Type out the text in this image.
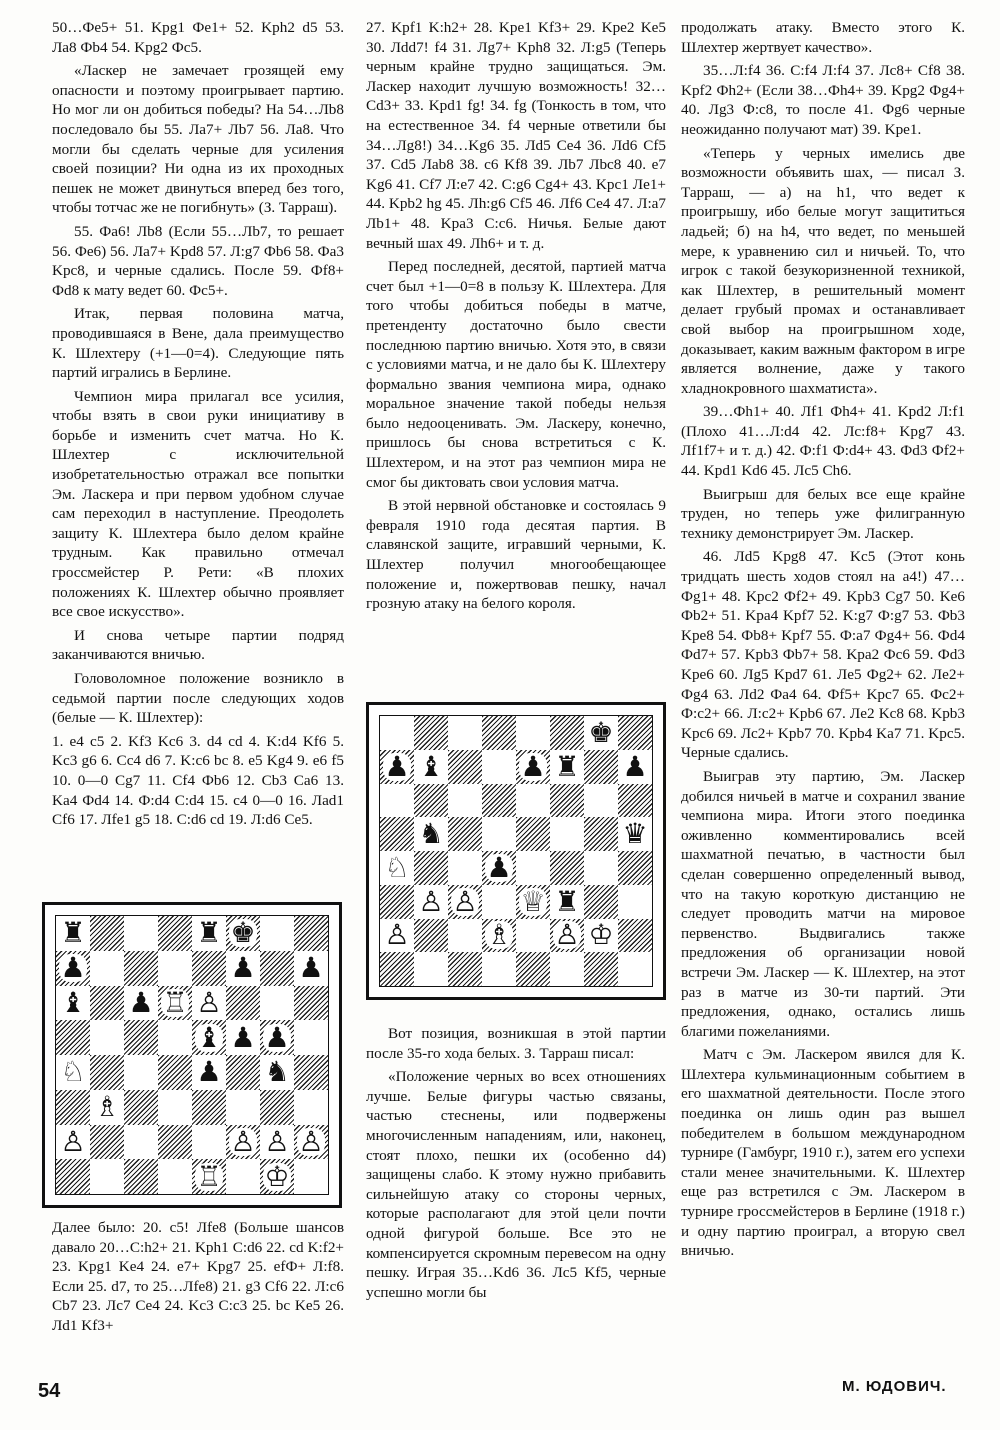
50…Фe5+ 51. Kpg1 Фe1+ 52. Kph2 d5 53. Лa8 Фb4 54. Kpg2 Фc5.

«Ласкер не замечает грозящей ему опасности и поэтому проигрывает партию. Но мог ли он добиться победы? На 54…Лb8 последовало бы 55. Лa7+ Лb7 56. Лa8. Что могли бы сделать черные для усиления своей позиции? Ни одна из их проходных пешек не может двинуться вперед без того, чтобы тотчас же не погибнуть» (З. Тарраш).

55. Фa6! Лb8 (Если 55…Лb7, то решает 56. Фe6) 56. Лa7+ Kpd8 57. Л:g7 Фb6 58. Фa3 Kpc8, и черные сдались. После 59. Фf8+ Фd8 к мату ведет 60. Фc5+.

Итак, первая половина матча, проводившаяся в Вене, дала преимущество К. Шлехтеру (+1—0=4). Следующие пять партий игрались в Берлине.

Чемпион мира прилагал все усилия, чтобы взять в свои руки инициативу в борьбе и изменить счет матча. Но К. Шлехтер с исключительной изобретательностью отражал все попытки Эм. Ласкера и при первом удобном случае сам переходил в наступление. Преодолеть защиту К. Шлехтера было делом крайне трудным. Как правильно отмечал гроссмейстер Р. Рети: «В плохих положениях К. Шлехтер обычно проявляет все свое искусство».

И снова четыре партии подряд заканчиваются вничью.

Головоломное положение возникло в седьмой партии после следующих ходов (белые — К. Шлехтер):

1. e4 c5 2. Kf3 Kc6 3. d4 cd 4. K:d4 Kf6 5. Kc3 g6 6. Cc4 d6 7. K:c6 bc 8. e5 Kg4 9. e6 f5 10. 0—0 Cg7 11. Cf4 Фb6 12. Cb3 Ca6 13. Ka4 Фd4 14. Ф:d4 C:d4 15. c4 0—0 16. Лad1 Cf6 17. Лfe1 g5 18. C:d6 cd 19. Л:d6 Ce5.

♜	♜ ♚
♟	♟ ♟
♝ ♟ ♖ ♙
♝ ♟ ♟
♘	♟ ♞
♗
♙	♙ ♙ ♙
♖ ♔

Далее было: 20. c5! Лfe8 (Больше шансов давало 20…C:h2+ 21. Kph1 C:d6 22. cd K:f2+ 23. Kpg1 Ke4 24. e7+ Kpg7 25. efФ+ Л:f8. Если 25. d7, то 25…Лfe8) 21. g3 Cf6 22. Л:c6 Cb7 23. Лc7 Ce4 24. Kc3 C:c3 25. bc Ke5 26. Лd1 Kf3+

27. Kpf1 K:h2+ 28. Kpe1 Kf3+ 29. Kpe2 Ke5 30. Лdd7! f4 31. Лg7+ Kph8 32. Л:g5 (Теперь черным крайне трудно защищаться. Эм. Ласкер находит лучшую возможность! 32…Cd3+ 33. Kpd1 fg! 34. fg (Тонкость в том, что на естественное 34. f4 черные ответили бы 34…Лg8!) 34…Kg6 35. Лd5 Ce4 36. Лd6 Cf5 37. Cd5 Лab8 38. c6 Kf8 39. Лb7 Лbc8 40. e7 Kg6 41. Cf7 Л:e7 42. C:g6 Cg4+ 43. Kpc1 Лe1+ 44. Kpb2 hg 45. Лh:g6 Cf5 46. Лf6 Ce4 47. Л:a7 Лb1+ 48. Kpa3 C:c6. Ничья. Белые дают вечный шах 49. Лh6+ и т. д.

Перед последней, десятой, партией матча счет был +1—0=8 в пользу К. Шлехтера. Для того чтобы добиться победы в матче, претенденту достаточно было свести последнюю партию вничью. Хотя это, в связи с условиями матча, и не дало бы К. Шлехтеру формально звания чемпиона мира, однако моральное значение такой победы нельзя было недооценивать. Эм. Ласкеру, конечно, пришлось бы снова встретиться с К. Шлехтером, и на этот раз чемпион мира не смог бы диктовать свои условия матча.

В этой нервной обстановке и состоялась 9 февраля 1910 года десятая партия. В славянской защите, игравший черными, К. Шлехтер получил многообещающее положение и, пожертвовав пешку, начал грозную атаку на белого короля.

♚
♟ ♝	♟ ♜ ♟
♞	♛
♘	♟
♙ ♙ ♕ ♜
♙	♗ ♙ ♔

Вот позиция, возникшая в этой партии после 35-го хода белых. З. Тарраш писал:

«Положение черных во всех отношениях лучше. Белые фигуры частью связаны, частью стеснены, или подвержены многочисленным нападениям, или, наконец, стоят плохо, пешки их (особенно d4) защищены слабо. К этому нужно прибавить сильнейшую атаку со стороны черных, которые располагают для этой цели почти одной фигурой больше. Все это не компенсируется скромным перевесом на одну пешку. Играя 35…Kd6 36. Лc5 Kf5, черные успешно могли бы

продолжать атаку. Вместо этого К. Шлехтер жертвует качество».

35…Л:f4 36. C:f4 Л:f4 37. Лc8+ Cf8 38. Kpf2 Фh2+ (Если 38…Фh4+ 39. Kpg2 Фg4+ 40. Лg3 Ф:c8, то после 41. Фg6 черные неожиданно получают мат) 39. Kpe1.

«Теперь у черных имелись две возможности объявить шах, — писал З. Тарраш, — а) на h1, что ведет к проигрышу, ибо белые могут защититься ладьей; б) на h4, что ведет, по меньшей мере, к уравнению сил и ничьей. То, что игрок с такой безукоризненной техникой, как Шлехтер, в решительный момент делает грубый промах и останавливает свой выбор на проигрышном ходе, доказывает, каким важным фактором в игре является волнение, даже у такого хладнокровного шахматиста».

39…Фh1+ 40. Лf1 Фh4+ 41. Kpd2 Л:f1 (Плохо 41…Л:d4 42. Лc:f8+ Kpg7 43. Лf1f7+ и т. д.) 42. Ф:f1 Ф:d4+ 43. Фd3 Фf2+ 44. Kpd1 Kd6 45. Лc5 Ch6.

Выигрыш для белых все еще крайне труден, но теперь уже филигранную технику демонстрирует Эм. Ласкер.

46. Лd5 Kpg8 47. Kc5 (Этот конь тридцать шесть ходов стоял на a4!) 47…Фg1+ 48. Kpc2 Фf2+ 49. Kpb3 Cg7 50. Ke6 Фb2+ 51. Kpa4 Kpf7 52. K:g7 Ф:g7 53. Фb3 Kpe8 54. Фb8+ Kpf7 55. Ф:a7 Фg4+ 56. Фd4 Фd7+ 57. Kpb3 Фb7+ 58. Kpa2 Фc6 59. Фd3 Kpe6 60. Лg5 Kpd7 61. Лe5 Фg2+ 62. Лe2+ Фg4 63. Лd2 Фa4 64. Фf5+ Kpc7 65. Фc2+ Ф:c2+ 66. Л:c2+ Kpb6 67. Лe2 Kc8 68. Kpb3 Kpc6 69. Лc2+ Kpb7 70. Kpb4 Ka7 71. Kpc5. Черные сдались.

Выиграв эту партию, Эм. Ласкер добился ничьей в матче и сохранил звание чемпиона мира. Итоги этого поединка оживленно комментировались всей шахматной печатью, в частности был сделан совершенно определенный вывод, что на такую короткую дистанцию не следует проводить матчи на мировое первенство. Выдвигались также предложения об организации новой встречи Эм. Ласкер — К. Шлехтер, на этот раз в матче из 30-ти партий. Эти предложения, однако, остались лишь благими пожеланиями.

Матч с Эм. Ласкером явился для К. Шлехтера кульминационным событием в его шахматной деятельности. После этого поединка он лишь один раз вышел победителем в большом международном турнире (Гамбург, 1910 г.), затем его успехи стали менее значительными. К. Шлехтер еще раз встретился с Эм. Ласкером в турнире гроссмейстеров в Берлине (1918 г.) и одну партию проиграл, а вторую свел вничью.

54	М. ЮДОВИЧ.
